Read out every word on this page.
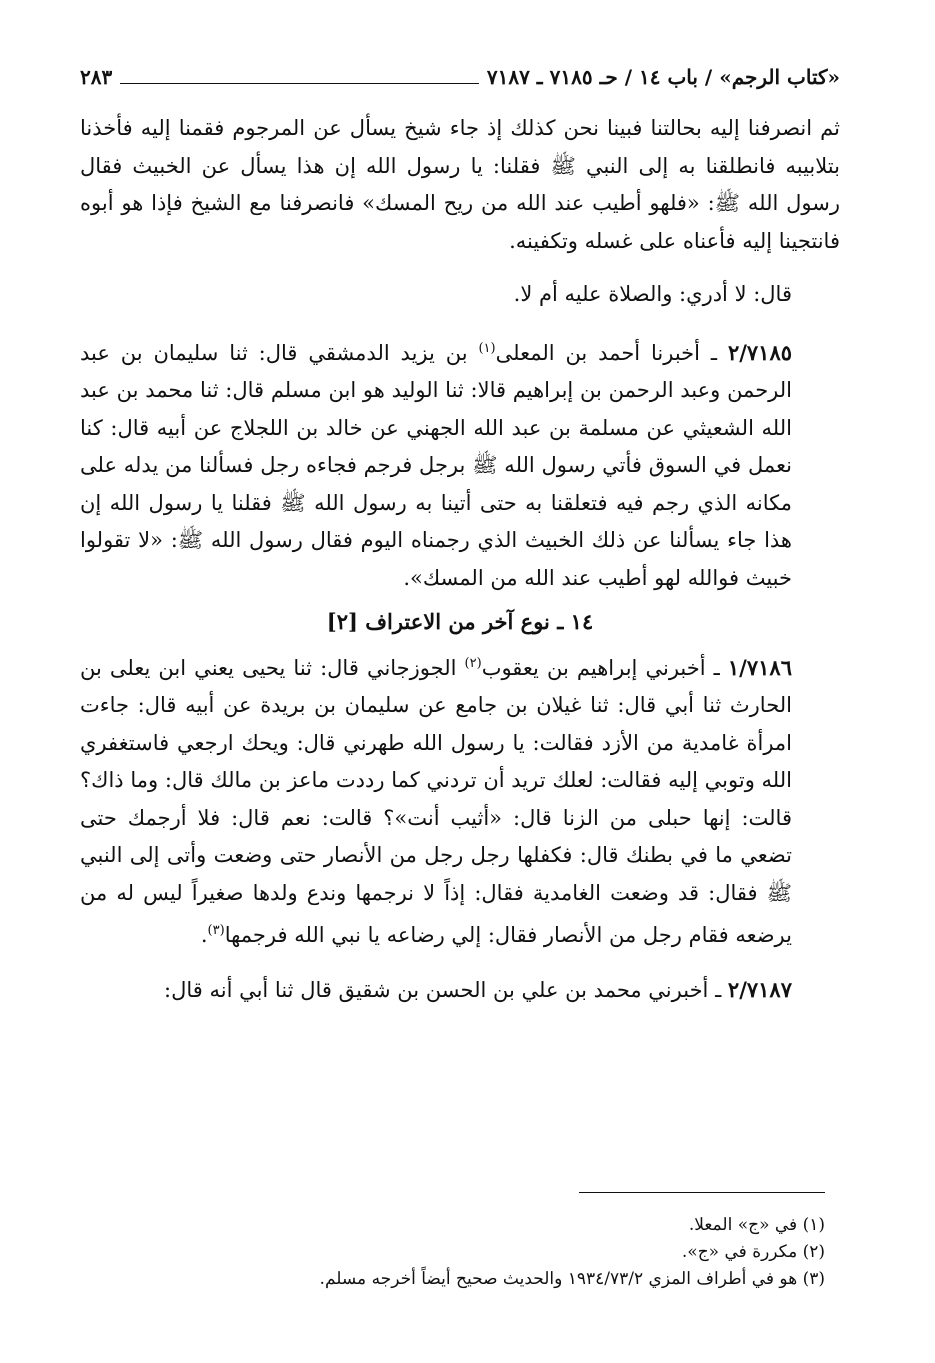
«كتاب الرجم» / باب ١٤ / حـ ٧١٨٥ ـ ٧١٨٧
٢٨٣

ثم انصرفنا إليه بحالتنا فبينا نحن كذلك إذ جاء شيخ يسأل عن المرجوم فقمنا إليه فأخذنا بتلابيبه فانطلقنا به إلى النبي ﷺ فقلنا: يا رسول الله إن هذا يسأل عن الخبيث فقال رسول الله ﷺ: «فلهو أطيب عند الله من ريح المسك» فانصرفنا مع الشيخ فإذا هو أبوه فانتجينا إليه فأعناه على غسله وتكفينه.

قال: لا أدري: والصلاة عليه أم لا.

٢/٧١٨٥ ـ أخبرنا أحمد بن المعلى$^{(١)}$ بن يزيد الدمشقي قال: ثنا سليمان بن عبد الرحمن وعبد الرحمن بن إبراهيم قالا: ثنا الوليد هو ابن مسلم قال: ثنا محمد بن عبد الله الشعيثي عن مسلمة بن عبد الله الجهني عن خالد بن اللجلاج عن أبيه قال: كنا نعمل في السوق فأتي رسول الله ﷺ برجل فرجم فجاءه رجل فسألنا من يدله على مكانه الذي رجم فيه فتعلقنا به حتى أتينا به رسول الله ﷺ فقلنا يا رسول الله إن هذا جاء يسألنا عن ذلك الخبيث الذي رجمناه اليوم فقال رسول الله ﷺ: «لا تقولوا خبيث فوالله لهو أطيب عند الله من المسك».

١٤ ـ نوع آخر من الاعتراف [٢]

١/٧١٨٦ ـ أخبرني إبراهيم بن يعقوب$^{(٢)}$ الجوزجاني قال: ثنا يحيى يعني ابن يعلى بن الحارث ثنا أبي قال: ثنا غيلان بن جامع عن سليمان بن بريدة عن أبيه قال: جاءت امرأة غامدية من الأزد فقالت: يا رسول الله طهرني قال: ويحك ارجعي فاستغفري الله وتوبي إليه فقالت: لعلك تريد أن تردني كما رددت ماعز بن مالك قال: وما ذاك؟ قالت: إنها حبلى من الزنا قال: «أثيب أنت»؟ قالت: نعم قال: فلا أرجمك حتى تضعي ما في بطنك قال: فكفلها رجل رجل من الأنصار حتى وضعت وأتى إلى النبي ﷺ فقال: قد وضعت الغامدية فقال: إذاً لا نرجمها وندع ولدها صغيراً ليس له من يرضعه فقام رجل من الأنصار فقال: إلي رضاعه يا نبي الله فرجمها$^{(٣)}$.

٢/٧١٨٧ ـ أخبرني محمد بن علي بن الحسن بن شقيق قال ثنا أبي أنه قال:

(١) في «ج» المعلا.

(٢) مكررة في «ج».

(٣) هو في أطراف المزي ١٩٣٤/٧٣/٢ والحديث صحيح أيضاً أخرجه مسلم.
